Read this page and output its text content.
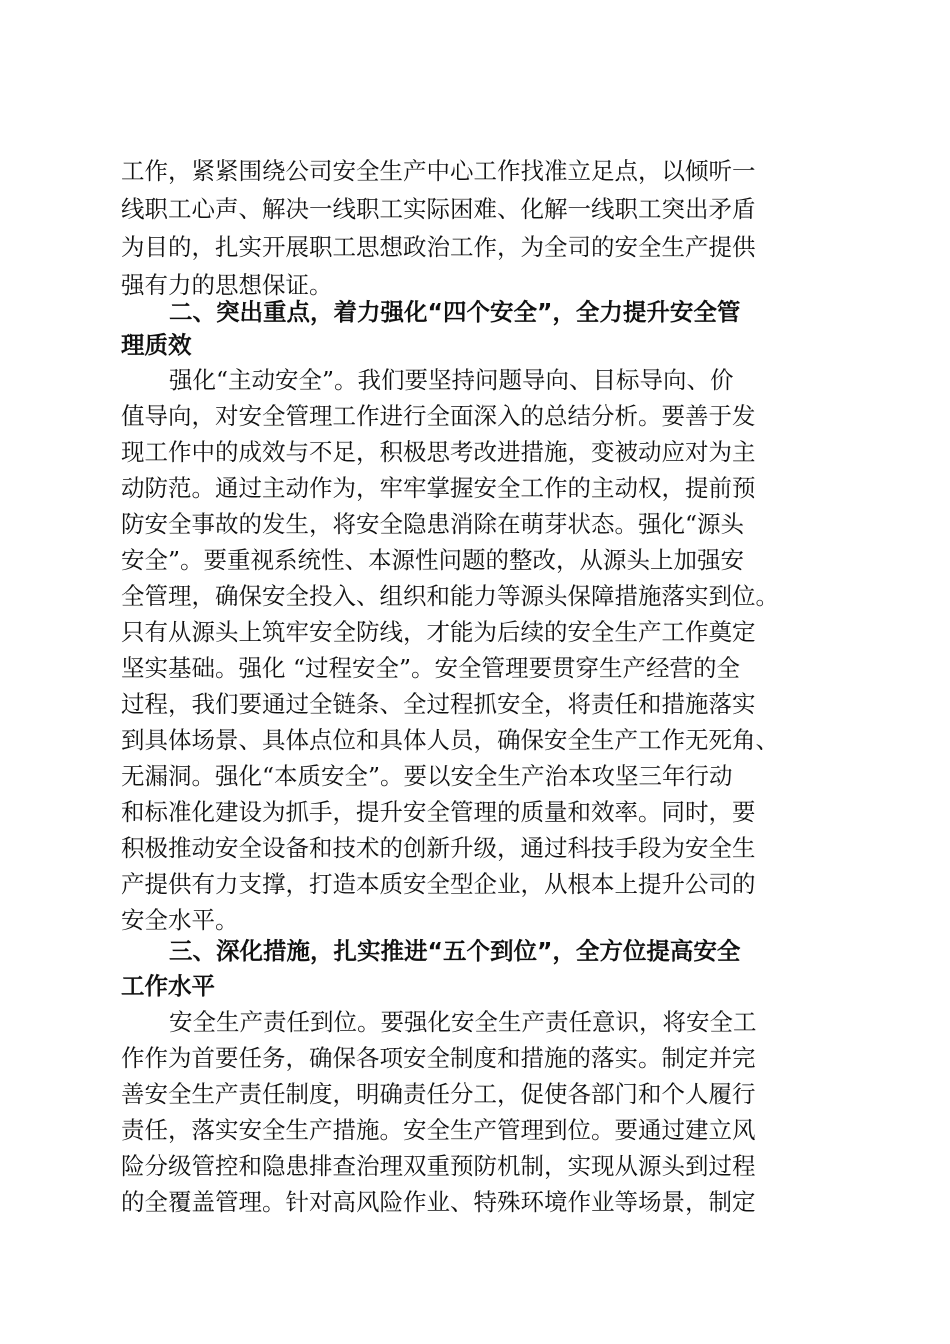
工作，紧紧围绕公司安全生产中心工作找准立足点，以倾听一
线职工心声、解决一线职工实际困难、化解一线职工突出矛盾
为目的，扎实开展职工思想政治工作，为全司的安全生产提供
强有力的思想保证。
二、突出重点，着力强化“四个安全”，全力提升安全管
理质效
强化“主动安全”。我们要坚持问题导向、目标导向、价
值导向，对安全管理工作进行全面深入的总结分析。要善于发
现工作中的成效与不足，积极思考改进措施，变被动应对为主
动防范。通过主动作为，牢牢掌握安全工作的主动权，提前预
防安全事故的发生，将安全隐患消除在萌芽状态。强化“源头
安全”。要重视系统性、本源性问题的整改，从源头上加强安
全管理，确保安全投入、组织和能力等源头保障措施落实到位。
只有从源头上筑牢安全防线，才能为后续的安全生产工作奠定
坚实基础。强化 “过程安全”。安全管理要贯穿生产经营的全
过程，我们要通过全链条、全过程抓安全，将责任和措施落实
到具体场景、具体点位和具体人员，确保安全生产工作无死角、
无漏洞。强化“本质安全”。要以安全生产治本攻坚三年行动
和标准化建设为抓手，提升安全管理的质量和效率。同时，要
积极推动安全设备和技术的创新升级，通过科技手段为安全生
产提供有力支撑，打造本质安全型企业，从根本上提升公司的
安全水平。
三、深化措施，扎实推进“五个到位”，全方位提高安全
工作水平
安全生产责任到位。要强化安全生产责任意识，将安全工
作作为首要任务，确保各项安全制度和措施的落实。制定并完
善安全生产责任制度，明确责任分工，促使各部门和个人履行
责任，落实安全生产措施。安全生产管理到位。要通过建立风
险分级管控和隐患排查治理双重预防机制，实现从源头到过程
的全覆盖管理。针对高风险作业、特殊环境作业等场景，制定
